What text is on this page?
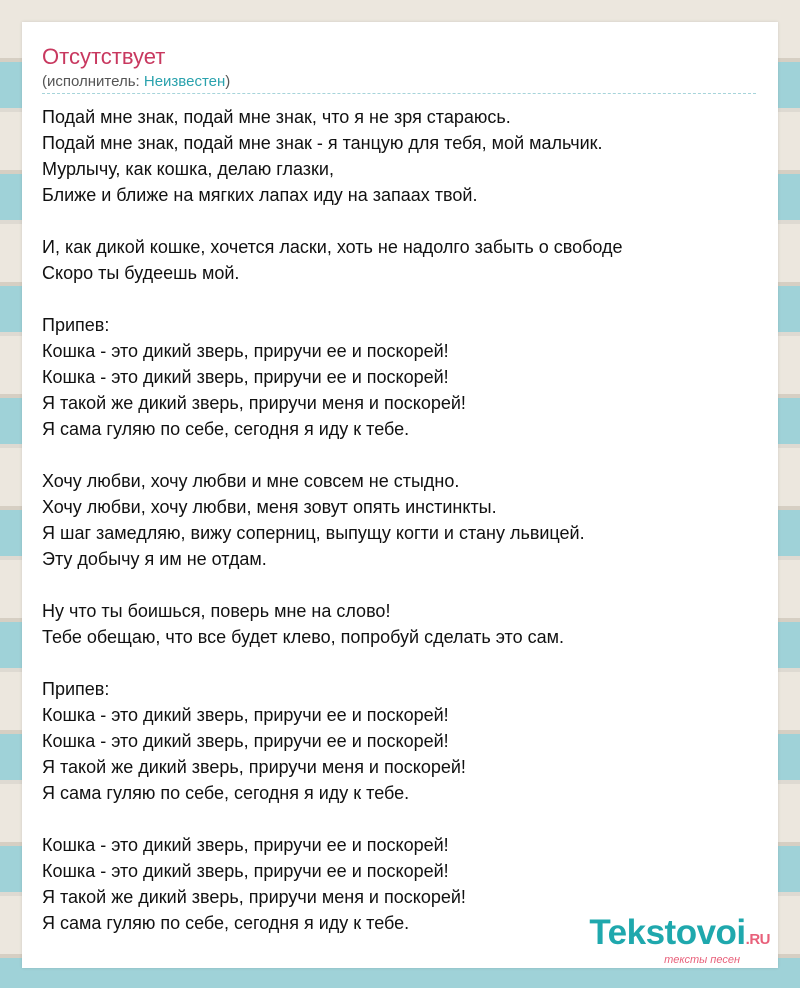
Отсутствует
(исполнитель: Неизвестен)
Подай мне знак, подай мне знак, что я не зря стараюсь.
Подай мне знак, подай мне знак - я танцую для тебя, мой мальчик.
Мурлычу, как кошка, делаю глазки,
Ближе и ближе на мягких лапах иду на запаах твой.
И, как дикой кошке, хочется ласки, хоть не надолго забыть о свободе
Скоро ты будеешь мой.
Припев:
Кошка - это дикий зверь, приручи ее и поскорей!
Кошка - это дикий зверь, приручи ее и поскорей!
Я такой же дикий зверь, приручи меня и поскорей!
Я сама гуляю по себе, сегодня я иду к тебе.
Хочу любви, хочу любви и мне совсем не стыдно.
Хочу любви, хочу любви, меня зовут опять инстинкты.
Я шаг замедляю, вижу соперниц, выпущу когти и стану львицей.
Эту добычу я им не отдам.
Ну что ты боишься, поверь мне на слово!
Тебе обещаю, что все будет клево, попробуй сделать это сам.
Припев:
Кошка - это дикий зверь, приручи ее и поскорей!
Кошка - это дикий зверь, приручи ее и поскорей!
Я такой же дикий зверь, приручи меня и поскорей!
Я сама гуляю по себе, сегодня я иду к тебе.
Кошка - это дикий зверь, приручи ее и поскорей!
Кошка - это дикий зверь, приручи ее и поскорей!
Я такой же дикий зверь, приручи меня и поскорей!
Я сама гуляю по себе, сегодня я иду к тебе.	Tekstovoi.RU
тексты песен
